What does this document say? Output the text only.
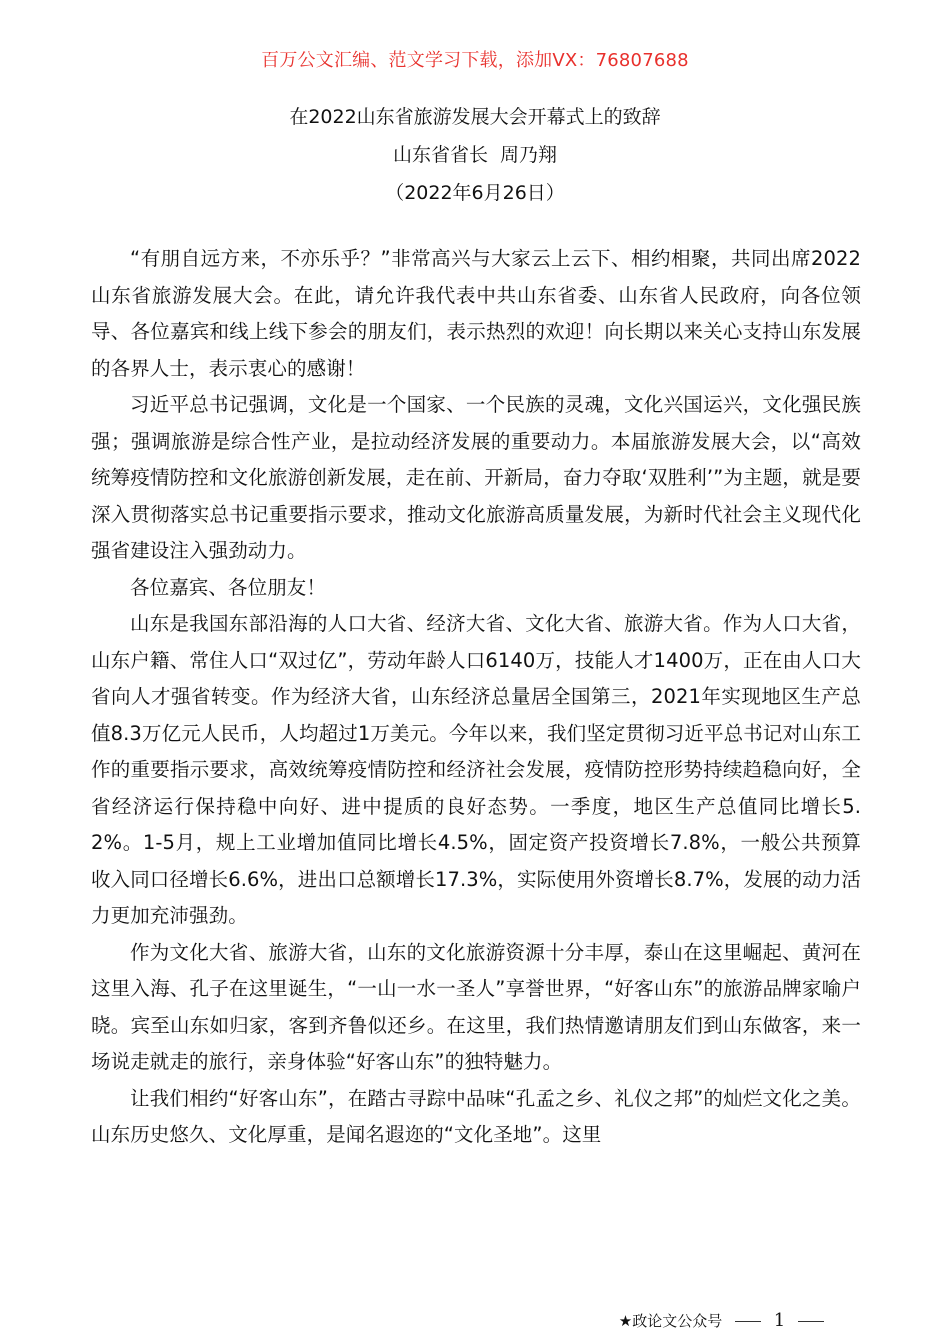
百万公文汇编、范文学习下载，添加VX：76807688
在2022山东省旅游发展大会开幕式上的致辞
山东省省长  周乃翔
（2022年6月26日）

“有朋自远方来，不亦乐乎？”非常高兴与大家云上云下、相约相聚，共同出席2022山东省旅游发展大会。在此，请允许我代表中共山东省委、山东省人民政府，向各位领导、各位嘉宾和线上线下参会的朋友们，表示热烈的欢迎！向长期以来关心支持山东发展的各界人士，表示衷心的感谢！

习近平总书记强调，文化是一个国家、一个民族的灵魂，文化兴国运兴，文化强民族强；强调旅游是综合性产业，是拉动经济发展的重要动力。本届旅游发展大会，以“高效统筹疫情防控和文化旅游创新发展，走在前、开新局，奋力夺取‘双胜利’”为主题，就是要深入贯彻落实总书记重要指示要求，推动文化旅游高质量发展，为新时代社会主义现代化强省建设注入强劲动力。

各位嘉宾、各位朋友！

山东是我国东部沿海的人口大省、经济大省、文化大省、旅游大省。作为人口大省，山东户籍、常住人口“双过亿”，劳动年龄人口6140万，技能人才1400万，正在由人口大省向人才强省转变。作为经济大省，山东经济总量居全国第三，2021年实现地区生产总值8.3万亿元人民币，人均超过1万美元。今年以来，我们坚定贯彻习近平总书记对山东工作的重要指示要求，高效统筹疫情防控和经济社会发展，疫情防控形势持续趋稳向好，全省经济运行保持稳中向好、进中提质的良好态势。一季度，地区生产总值同比增长5.2%。1-5月，规上工业增加值同比增长4.5%，固定资产投资增长7.8%，一般公共预算收入同口径增长6.6%，进出口总额增长17.3%，实际使用外资增长8.7%，发展的动力活力更加充沛强劲。

作为文化大省、旅游大省，山东的文化旅游资源十分丰厚，泰山在这里崛起、黄河在这里入海、孔子在这里诞生，“一山一水一圣人”享誉世界，“好客山东”的旅游品牌家喻户晓。宾至山东如归家，客到齐鲁似还乡。在这里，我们热情邀请朋友们到山东做客，来一场说走就走的旅行，亲身体验“好客山东”的独特魅力。

让我们相约“好客山东”，在踏古寻踪中品味“孔孟之乡、礼仪之邦”的灿烂文化之美。山东历史悠久、文化厚重，是闻名遐迩的“文化圣地”。这里

★政论文公众号	1
